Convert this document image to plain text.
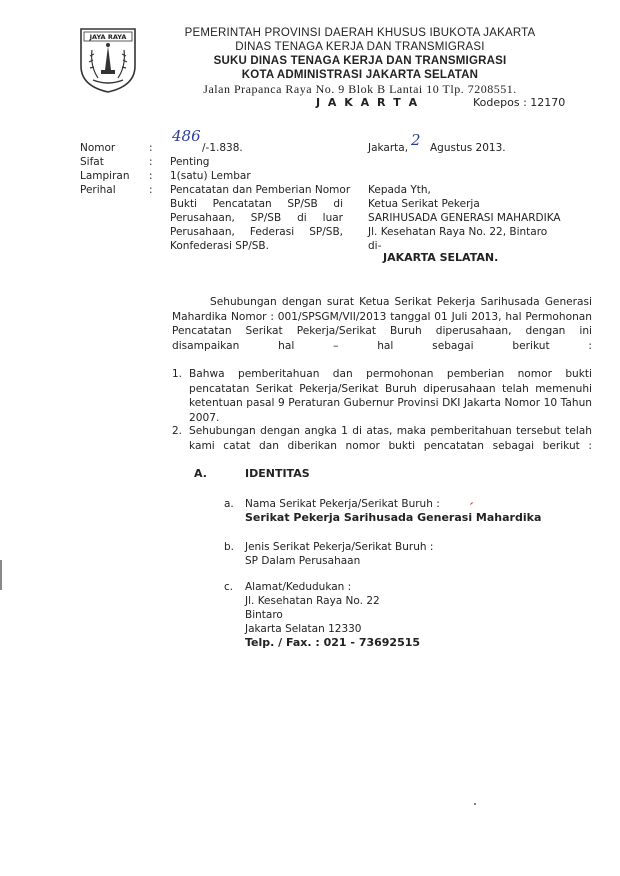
JAYA RAYA	PEMERINTAH PROVINSI DAERAH KHUSUS IBUKOTA JAKARTA
DINAS TENAGA KERJA DAN TRANSMIGRASI
SUKU DINAS TENAGA KERJA DAN TRANSMIGRASI
KOTA ADMINISTRASI JAKARTA SELATAN
Jalan Prapanca Raya No. 9 Blok B Lantai 10 Tlp. 7208551.
J A K A R T A	Kodepos : 12170
Nomor	:
486
/-1.838.
Sifat	: Penting
Lampiran : 1(satu) Lembar
Perihal	: Pencatatan dan Pemberian Nomor
Bukti Pencatatan SP/SB di
Perusahaan, SP/SB di luar
Perusahaan, Federasi SP/SB,
Konfederasi SP/SB.
Jakarta, 2 Agustus 2013.
Kepada Yth,
Ketua Serikat Pekerja
SARIHUSADA GENERASI MAHARDIKA
Jl. Kesehatan Raya No. 22, Bintaro
di-
JAKARTA SELATAN.
Sehubungan dengan surat Ketua Serikat Pekerja Sarihusada Generasi Mahardika Nomor : 001/SPSGM/VII/2013 tanggal 01 Juli 2013, hal Permohonan Pencatatan Serikat Pekerja/Serikat Buruh diperusahaan, dengan ini disampaikan hal – hal sebagai berikut :
1. Bahwa pemberitahuan dan permohonan pemberian nomor bukti pencatatan Serikat Pekerja/Serikat Buruh diperusahaan telah memenuhi ketentuan pasal 9 Peraturan Gubernur Provinsi DKI Jakarta Nomor 10 Tahun 2007.
2. Sehubungan dengan angka 1 di atas, maka pemberitahuan tersebut telah kami catat dan diberikan nomor bukti pencatatan sebagai berikut :
A.	IDENTITAS
a. Nama Serikat Pekerja/Serikat Buruh :
Serikat Pekerja Sarihusada Generasi Mahardika
b. Jenis Serikat Pekerja/Serikat Buruh :
SP Dalam Perusahaan
c. Alamat/Kedudukan :
Jl. Kesehatan Raya No. 22
Bintaro
Jakarta Selatan 12330
Telp. / Fax. : 021 - 73692515
